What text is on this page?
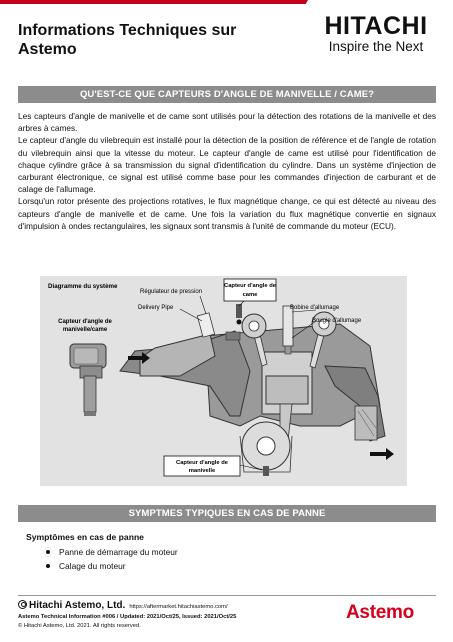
Informations Techniques sur Astemo
HITACHI
Inspire the Next
QU'EST-CE QUE CAPTEURS D'ANGLE DE MANIVELLE / CAME?

Les capteurs d'angle de manivelle et de came sont utilisés pour la détection des rotations de la manivelle et des arbres à cames.

Le capteur d'angle du vilebrequin est installé pour la détection de la position de référence et de l'angle de rotation du vilebrequin ainsi que la vitesse du moteur. Le capteur d'angle de came est utilisé pour l'identification de chaque cylindre grâce à sa transmission du signal d'identification du cylindre. Dans un système d'injection de carburant électronique, ce signal est utilisé comme base pour les commandes d'injection de carburant et de calage de l'allumage.

Lorsqu'un rotor présente des projections rotatives, le flux magnétique change, ce qui est détecté au niveau des capteurs d'angle de manivelle et de came. Une fois la variation du flux magnétique convertie en signaux d'impulsion à ondes rectangulaires, les signaux sont transmis à l'unité de commande du moteur (ECU).

Diagramme du système
Capteur d'angle de
manivelle/came
Régulateur de pression
Delivery Pipe
Capteur d'angle de
came
Bobine d'allumage
Bougie d'allumage
Capteur d'angle de
manivelle
SYMPTMES TYPIQUES EN CAS DE PANNE
Symptômes en cas de panne
Panne de démarrage du moteur
Calage du moteur
Hitachi Astemo, Ltd. https://aftermarket.hitachiastemo.com/
Astemo Technical Information #006 / Updated: 2021/Oct/25, Issued: 2021/Oct/25
© Hitachi Astemo, Ltd. 2021. All rights reserved.
Astemo
